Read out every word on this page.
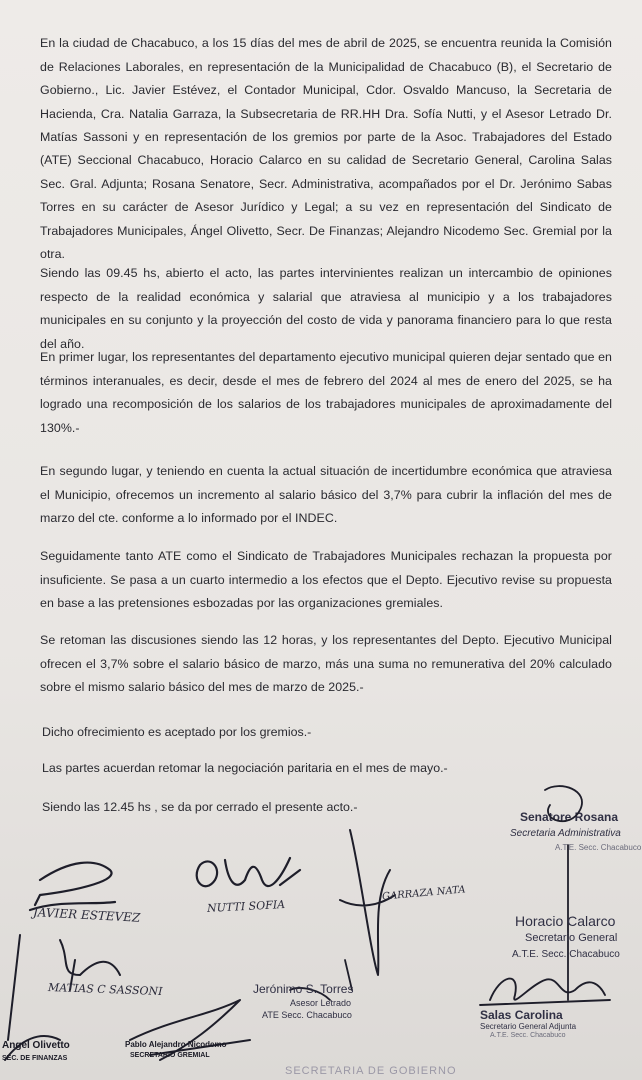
En la ciudad de Chacabuco, a los 15 días del mes de abril de 2025, se encuentra reunida la Comisión de Relaciones Laborales, en representación de la Municipalidad de Chacabuco (B), el Secretario de Gobierno., Lic. Javier Estévez, el Contador Municipal, Cdor. Osvaldo Mancuso, la Secretaria de Hacienda, Cra. Natalia Garraza, la Subsecretaria de RR.HH Dra. Sofía Nutti, y el Asesor Letrado Dr. Matías Sassoni y en representación de los gremios por parte de la Asoc. Trabajadores del Estado (ATE) Seccional Chacabuco, Horacio Calarco en su calidad de Secretario General, Carolina Salas Sec. Gral. Adjunta; Rosana Senatore, Secr. Administrativa, acompañados por el Dr. Jerónimo Sabas Torres en su carácter de Asesor Jurídico y Legal; a su vez en representación del Sindicato de Trabajadores Municipales, Ángel Olivetto, Secr. De Finanzas; Alejandro Nicodemo Sec. Gremial por la otra.

Siendo las 09.45 hs, abierto el acto, las partes intervinientes realizan un intercambio de opiniones respecto de la realidad económica y salarial que atraviesa al municipio y a los trabajadores municipales en su conjunto y la proyección del costo de vida y panorama financiero para lo que resta del año.

En primer lugar, los representantes del departamento ejecutivo municipal quieren dejar sentado que en términos interanuales, es decir, desde el mes de febrero del 2024 al mes de enero del 2025, se ha logrado una recomposición de los salarios de los trabajadores municipales de aproximadamente del 130%.-

En segundo lugar, y teniendo en cuenta la actual situación de incertidumbre económica que atraviesa el Municipio, ofrecemos un incremento al salario básico del 3,7% para cubrir la inflación del mes de marzo del cte. conforme a lo informado por el INDEC.

Seguidamente tanto ATE como el Sindicato de Trabajadores Municipales rechazan la propuesta por insuficiente. Se pasa a un cuarto intermedio a los efectos que el Depto. Ejecutivo revise su propuesta en base a las pretensiones esbozadas por las organizaciones gremiales.

Se retoman las discusiones siendo las 12 horas, y los representantes del Depto. Ejecutivo Municipal ofrecen el 3,7% sobre el salario básico de marzo, más una suma no remunerativa del 20% calculado sobre el mismo salario básico del mes de marzo de 2025.-

Dicho ofrecimiento es aceptado por los gremios.-
Las partes acuerdan retomar la negociación paritaria en el mes de mayo.-
Siendo las 12.45 hs , se da por cerrado el presente acto.-
Senatore Rosana
Secretaria Administrativa
A.T.E. Secc. Chacabuco
JAVIER ESTEVEZ	NUTTI SOFIA
GARRAZA NATA
MATIAS C SASSONI
Horacio Calarco
Secretario General
A.T.E. Secc. Chacabuco
Jerónimo S. Torres
Asesor Letrado
ATE Secc. Chacabuco	Salas Carolina
Secretario General Adjunta
A.T.E. Secc. Chacabuco
Angel Olivetto
SEC. DE FINANZAS
Pablo Alejandro Nicodemo
SECRETARIO GREMIAL
SECRETARIA DE GOBIERNO
